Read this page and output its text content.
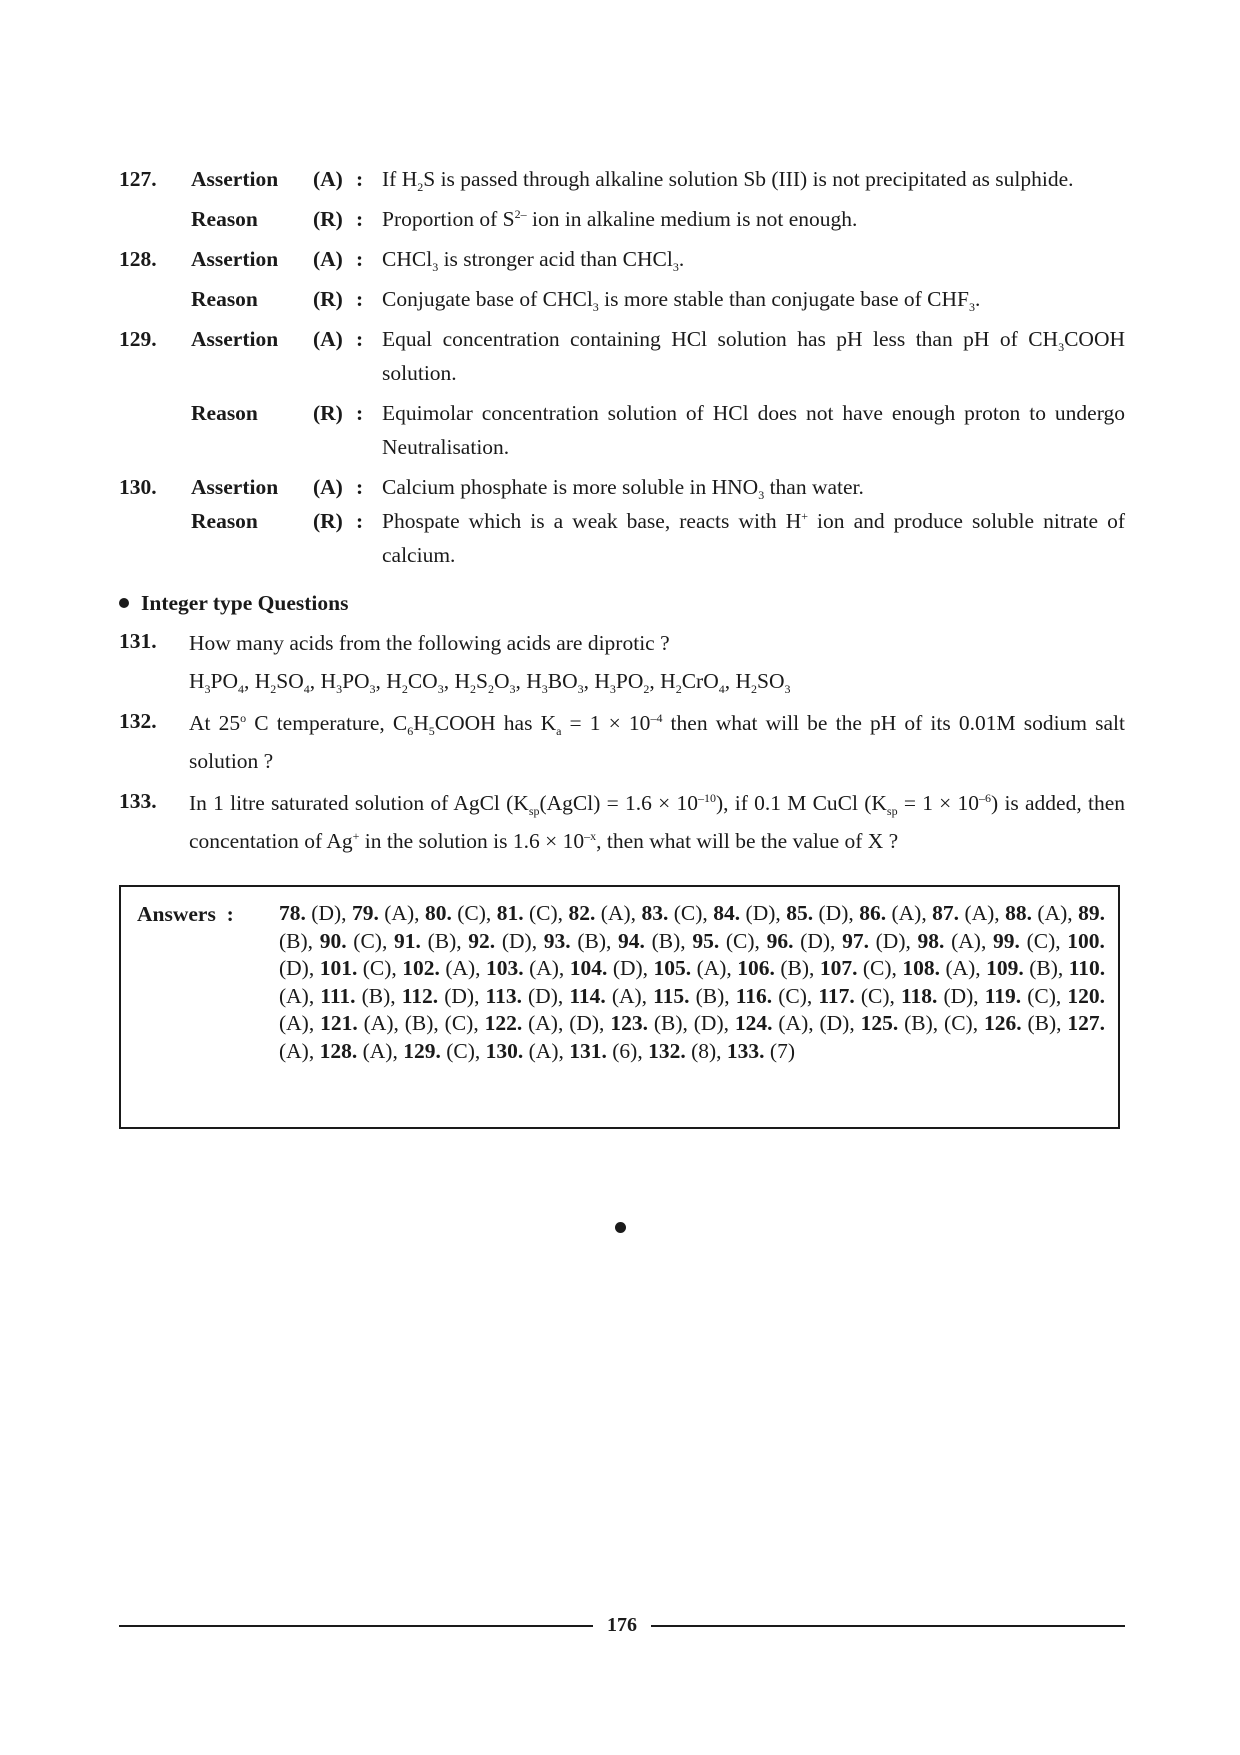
127.	Assertion	(A) : If $H_2S$ is passed through alkaline solution Sb (III) is not precipitated as sulphide.
Reason	(R) : Proportion of $S^{2-}$ ion in alkaline medium is not enough.
128.	Assertion	(A) : CHCl$_3$ is stronger acid than CHCl$_3$.
Reason	(R) : Conjugate base of CHCl$_3$ is more stable than conjugate base of $CHF_3$.
129.	Assertion	(A) : Equal concentration containing HCl solution has pH less than pH of $CH_3COOH$ solution.
Reason	(R) : Equimolar concentration solution of HCl does not have enough proton to undergo Neutralisation.
130.	Assertion	(A) : Calcium phosphate is more soluble in $HNO_3$ than water.
Reason	(R) : Phospate which is a weak base, reacts with H+ ion and produce soluble nitrate of calcium.
Integer type Questions
131.	How many acids from the following acids are diprotic ?
$H_3PO_4$, $H_2SO_4$, $H_3PO_3$, $H_2CO_3$, $H_2S_2O_3$, $H_3BO_3$, $H_3PO_2$, $H_2CrO_4$, $H_2SO_3$
132.	At 25$^o$ C temperature, $C_6H_5COOH$ has $K_a = 1 \times 10^{-4}$ then what will be the pH of its 0.01M sodium salt solution ?
133.	In 1 litre saturated solution of AgCl $(K_{sp}(AgCl) = 1.6 \times 10^{-10})$, if 0.1 M CuCl $(K_{sp} = 1 \times 10^{-6})$ is added, then concentation of Ag+ in the solution is $1.6 \times 10^{-x}$, then what will be the value of X ?
Answers : 78. (D), 79. (A), 80. (C), 81. (C), 82. (A), 83. (C), 84. (D), 85. (D), 86. (A), 87. (A), 88. (A), 89. (B), 90. (C), 91. (B), 92. (D), 93. (B), 94. (B), 95. (C), 96. (D), 97. (D), 98. (A), 99. (C), 100. (D), 101. (C), 102. (A), 103. (A), 104. (D), 105. (A), 106. (B), 107. (C), 108. (A), 109. (B), 110. (A), 111. (B), 112. (D), 113. (D), 114. (A), 115. (B), 116. (C), 117. (C), 118. (D), 119. (C), 120. (A), 121. (A), (B), (C), 122. (A), (D), 123. (B), (D), 124. (A), (D), 125. (B), (C), 126. (B), 127. (A), 128. (A), 129. (C), 130. (A), 131. (6), 132. (8), 133. (7)
176
